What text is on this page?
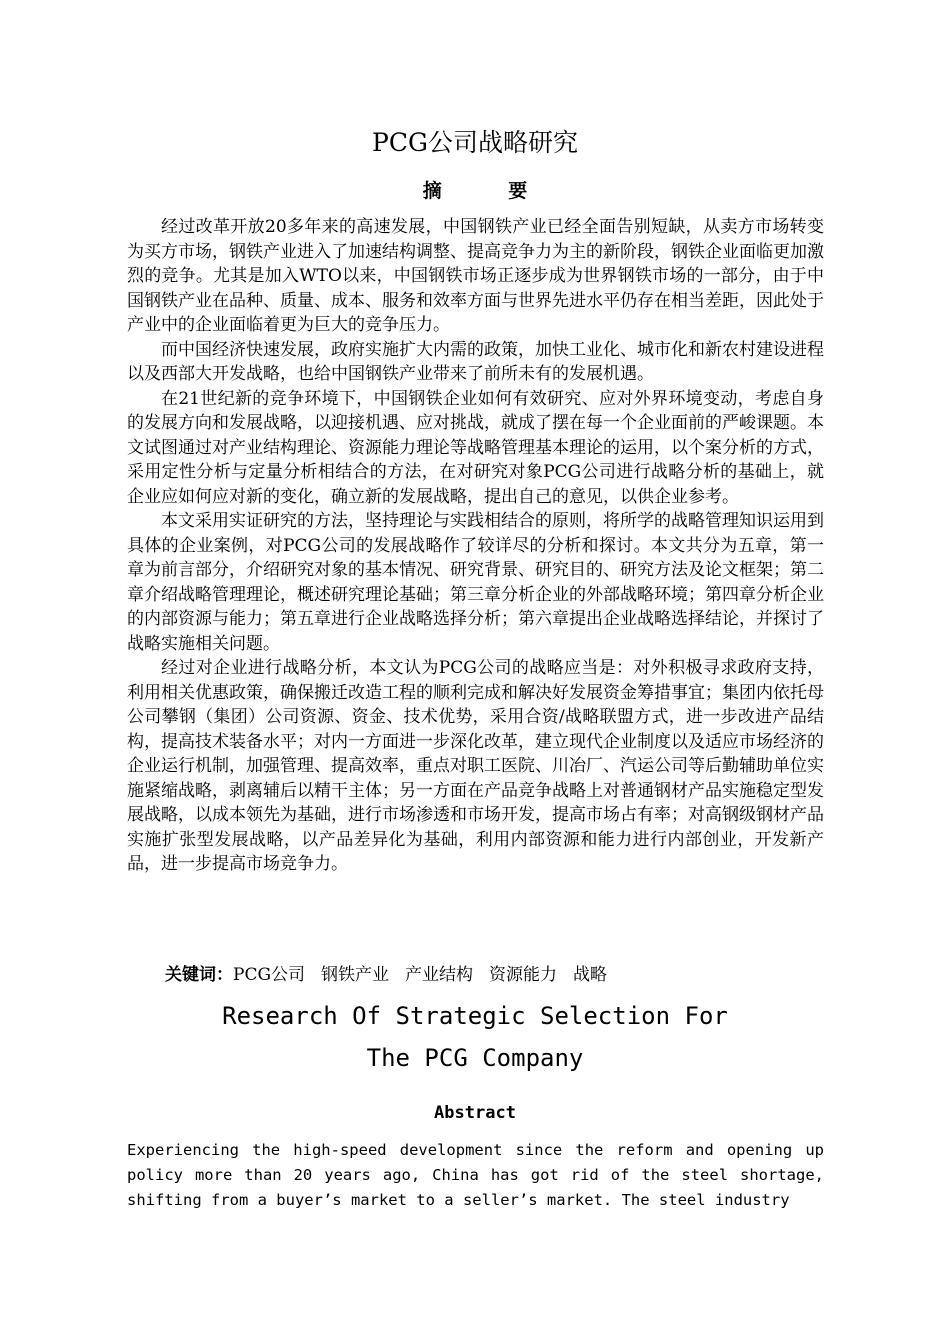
PCG公司战略研究
摘 要

经过改革开放20多年来的高速发展，中国钢铁产业已经全面告别短缺，从卖方市场转变为买方市场，钢铁产业进入了加速结构调整、提高竞争力为主的新阶段，钢铁企业面临更加激烈的竞争。尤其是加入WTO以来，中国钢铁市场正逐步成为世界钢铁市场的一部分，由于中国钢铁产业在品种、质量、成本、服务和效率方面与世界先进水平仍存在相当差距，因此处于产业中的企业面临着更为巨大的竞争压力。

而中国经济快速发展，政府实施扩大内需的政策，加快工业化、城市化和新农村建设进程以及西部大开发战略，也给中国钢铁产业带来了前所未有的发展机遇。

在21世纪新的竞争环境下，中国钢铁企业如何有效研究、应对外界环境变动，考虑自身的发展方向和发展战略，以迎接机遇、应对挑战，就成了摆在每一个企业面前的严峻课题。本文试图通过对产业结构理论、资源能力理论等战略管理基本理论的运用，以个案分析的方式，采用定性分析与定量分析相结合的方法，在对研究对象PCG公司进行战略分析的基础上，就企业应如何应对新的变化，确立新的发展战略，提出自己的意见，以供企业参考。

本文采用实证研究的方法，坚持理论与实践相结合的原则，将所学的战略管理知识运用到具体的企业案例，对PCG公司的发展战略作了较详尽的分析和探讨。本文共分为五章，第一章为前言部分，介绍研究对象的基本情况、研究背景、研究目的、研究方法及论文框架；第二章介绍战略管理理论，概述研究理论基础；第三章分析企业的外部战略环境；第四章分析企业的内部资源与能力；第五章进行企业战略选择分析；第六章提出企业战略选择结论，并探讨了战略实施相关问题。

经过对企业进行战略分析，本文认为PCG公司的战略应当是：对外积极寻求政府支持，利用相关优惠政策，确保搬迁改造工程的顺利完成和解决好发展资金筹措事宜；集团内依托母公司攀钢（集团）公司资源、资金、技术优势，采用合资/战略联盟方式，进一步改进产品结构，提高技术装备水平；对内一方面进一步深化改革，建立现代企业制度以及适应市场经济的企业运行机制，加强管理、提高效率，重点对职工医院、川冶厂、汽运公司等后勤辅助单位实施紧缩战略，剥离辅后以精干主体；另一方面在产品竞争战略上对普通钢材产品实施稳定型发展战略，以成本领先为基础，进行市场渗透和市场开发，提高市场占有率；对高钢级钢材产品实施扩张型发展战略，以产品差异化为基础，利用内部资源和能力进行内部创业，开发新产品，进一步提高市场竞争力。

关键词：PCG公司 钢铁产业 产业结构 资源能力 战略
Research Of Strategic Selection For
The PCG Company
Abstract

Experiencing the high-speed development since the reform and opening up policy more than 20 years ago, China has got rid of the steel shortage, shifting from a buyer’s market to a seller’s market. The steel industry
